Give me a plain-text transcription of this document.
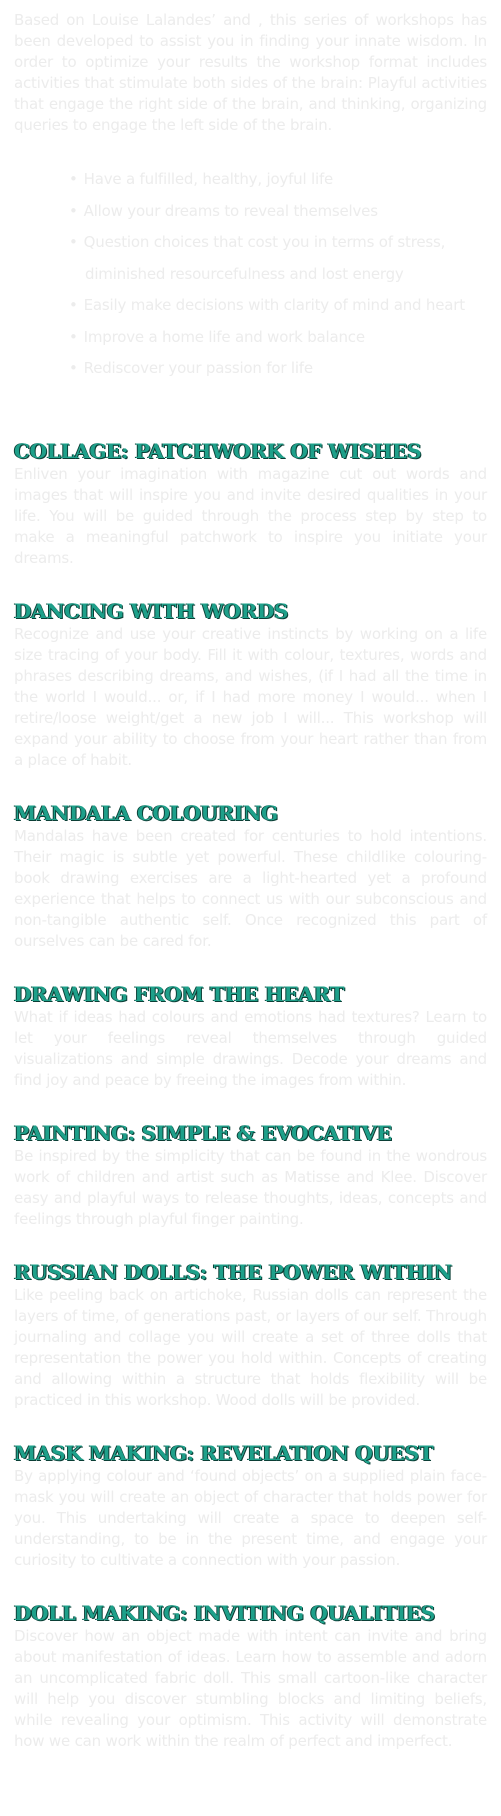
Based on Louise Lalandes’ and , this series of workshops has been developed to assist you in finding your innate wisdom. In order to optimize your results the workshop format includes activities that stimulate both sides of the brain: Playful activities that engage the right side of the brain, and thinking, organizing queries to engage the left side of the brain.

• Have a fulfilled, healthy, joyful life
• Allow your dreams to reveal themselves
• Question choices that cost you in terms of stress,
diminished resourcefulness and lost energy
• Easily make decisions with clarity of mind and heart
• Improve a home life and work balance
• Rediscover your passion for life
COLLAGE: PATCHWORK OF WISHES

Enliven your imagination with magazine cut out words and images that will inspire you and invite desired qualities in your life. You will be guided through the process step by step to make a meaningful patchwork to inspire you initiate your dreams.

DANCING WITH WORDS

Recognize and use your creative instincts by working on a life size tracing of your body. Fill it with colour, textures, words and phrases describing dreams, and wishes, (if I had all the time in the world I would... or, if I had more money I would... when I retire/loose weight/get a new job I will... This workshop will expand your ability to choose from your heart rather than from a place of habit.

MANDALA COLOURING

Mandalas have been created for centuries to hold intentions. Their magic is subtle yet powerful. These childlike colouring-book drawing exercises are a light-hearted yet a profound experience that helps to connect us with our subconscious and non-tangible authentic self. Once recognized this part of ourselves can be cared for.

DRAWING FROM THE HEART

What if ideas had colours and emotions had textures? Learn to let your feelings reveal themselves through guided visualizations and simple drawings. Decode your dreams and find joy and peace by freeing the images from within.

PAINTING: SIMPLE & EVOCATIVE

Be inspired by the simplicity that can be found in the wondrous work of children and artist such as Matisse and Klee. Discover easy and playful ways to release thoughts, ideas, concepts and feelings through playful finger painting.

RUSSIAN DOLLS: THE POWER WITHIN

Like peeling back on artichoke, Russian dolls can represent the layers of time, of generations past, or layers of our self. Through journaling and collage you will create a set of three dolls that representation the power you hold within. Concepts of creating and allowing within a structure that holds flexibility will be practiced in this workshop. Wood dolls will be provided.

MASK MAKING: REVELATION QUEST

By applying colour and ‘found objects’ on a supplied plain face-mask you will create an object of character that holds power for you. This undertaking will create a space to deepen self-understanding, to be in the present time, and engage your curiosity to cultivate a connection with your passion.

DOLL MAKING: INVITING QUALITIES

Discover how an object made with intent can invite and bring about manifestation of ideas. Learn how to assemble and adorn an uncomplicated fabric doll. This small cartoon-like character will help you discover stumbling blocks and limiting beliefs, while revealing your optimism. This activity will demonstrate how we can work within the realm of perfect and imperfect.
